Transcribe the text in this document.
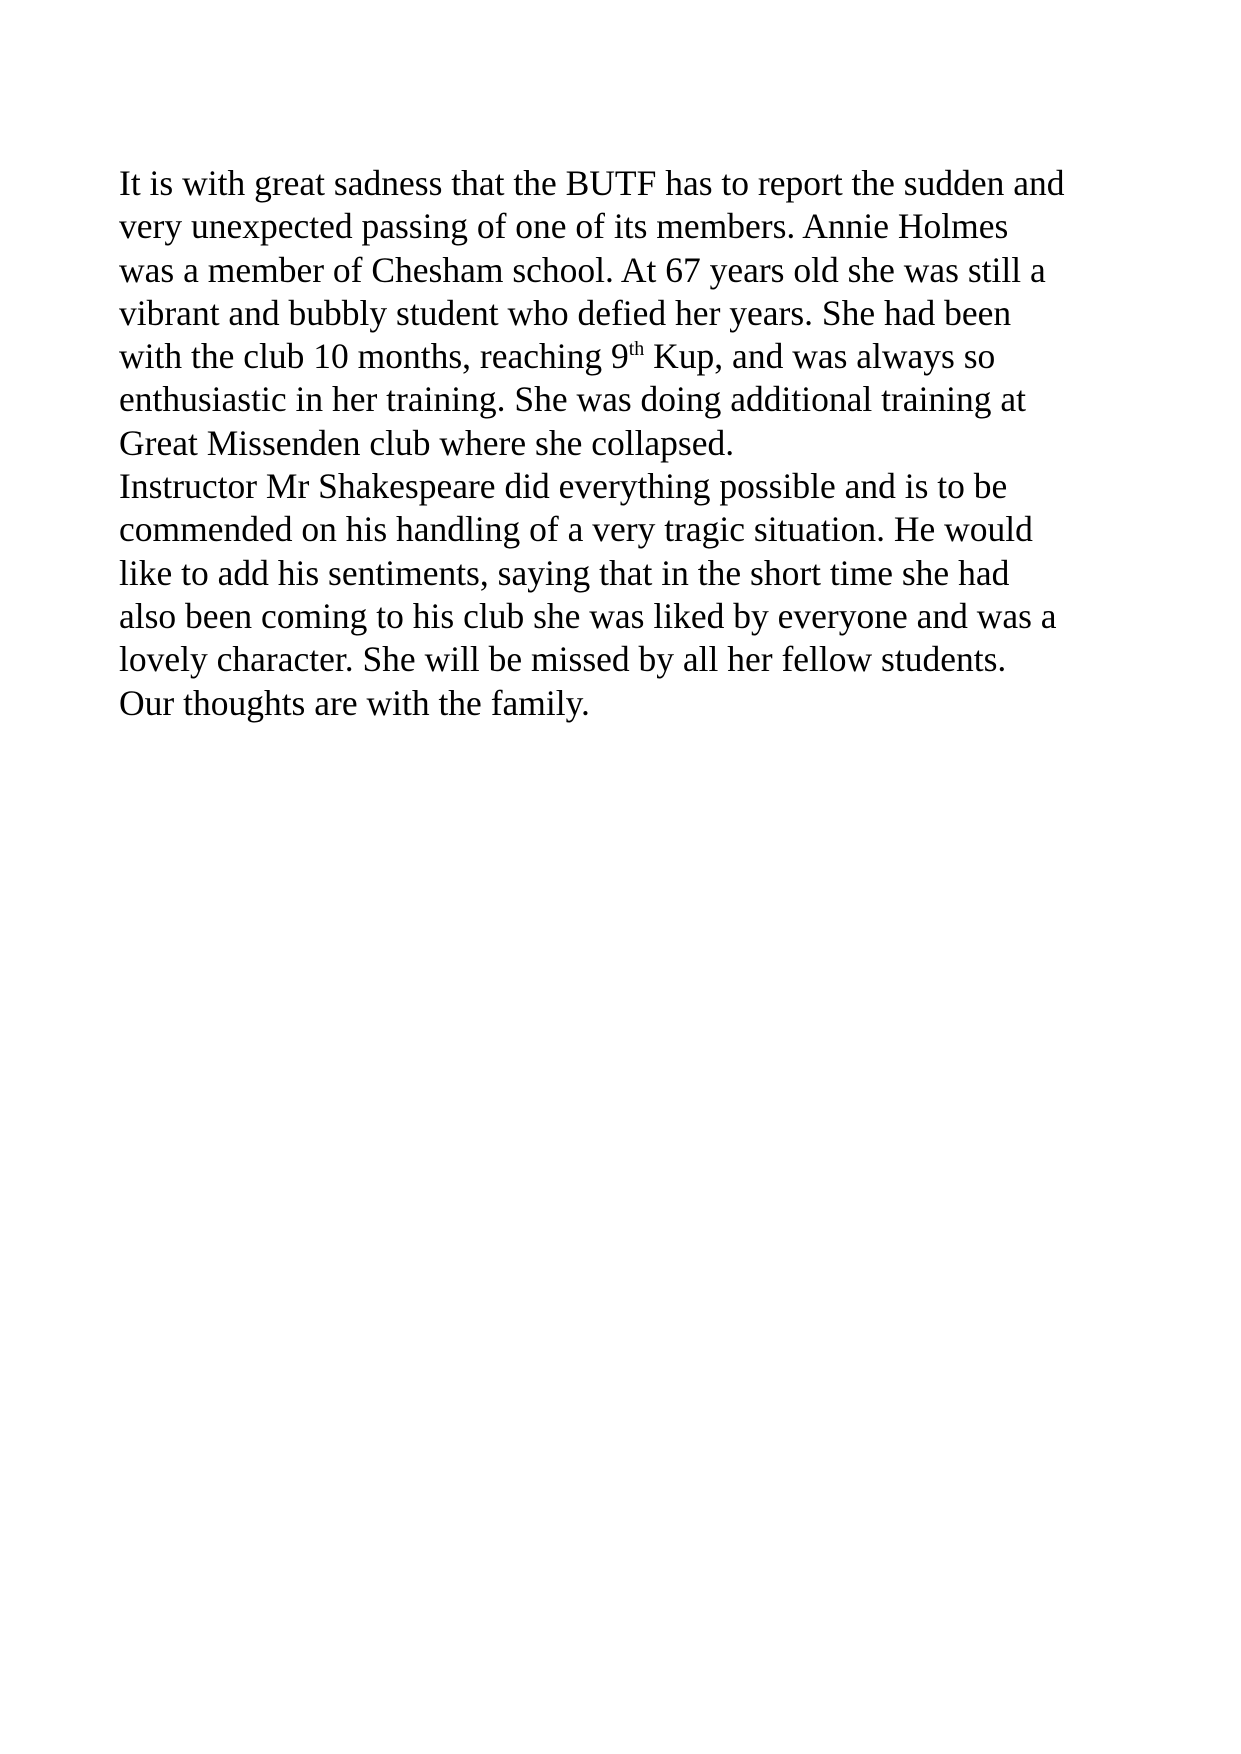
It is with great sadness that the BUTF has to report the sudden and
very unexpected passing of one of its members. Annie Holmes
was a member of Chesham school. At 67 years old she was still a
vibrant and bubbly student who defied her years. She had been
with the club 10 months, reaching 9th Kup, and was always so
enthusiastic in her training. She was doing additional training at
Great Missenden club where she collapsed.
Instructor Mr Shakespeare did everything possible and is to be
commended on his handling of a very tragic situation. He would
like to add his sentiments, saying that in the short time she had
also been coming to his club she was liked by everyone and was a
lovely character. She will be missed by all her fellow students.
Our thoughts are with the family.
